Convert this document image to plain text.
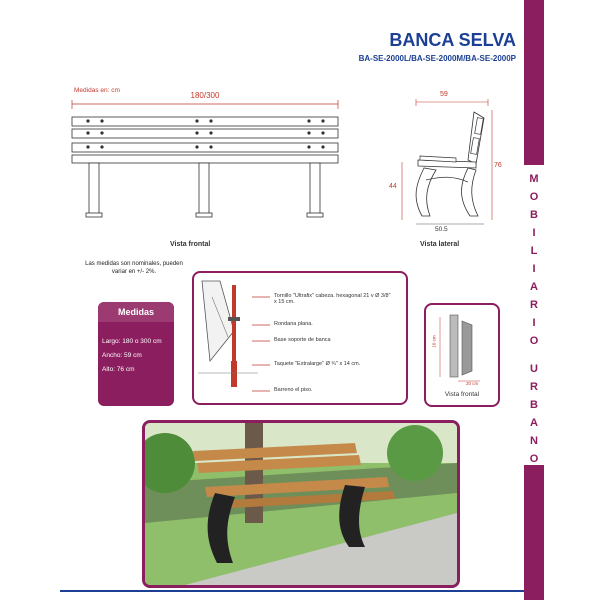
BANCA SELVA
BA-SE-2000L/BA-SE-2000M/BA-SE-2000P
M
O
B
I
L
I
A
R
I
O
U
R
B
A
N
O
Medidas en: cm
180/300
Vista frontal
59
76
44
50.5
Vista lateral
Las medidas son nominales, pueden variar en +/- 2%.
Medidas
Largo: 180 o 300 cm
Ancho: 59 cm
Alto: 76 cm
Tornillo "Ultrafix" cabeza. hexagonal 21 v Ø 3/8" x 15 cm.
Rondana plana.
Base soporte de banca
Taquete "Extralarge" Ø ¾" x 14 cm.
Barreno el piso.
10 cm
20 cm
Vista frontal
